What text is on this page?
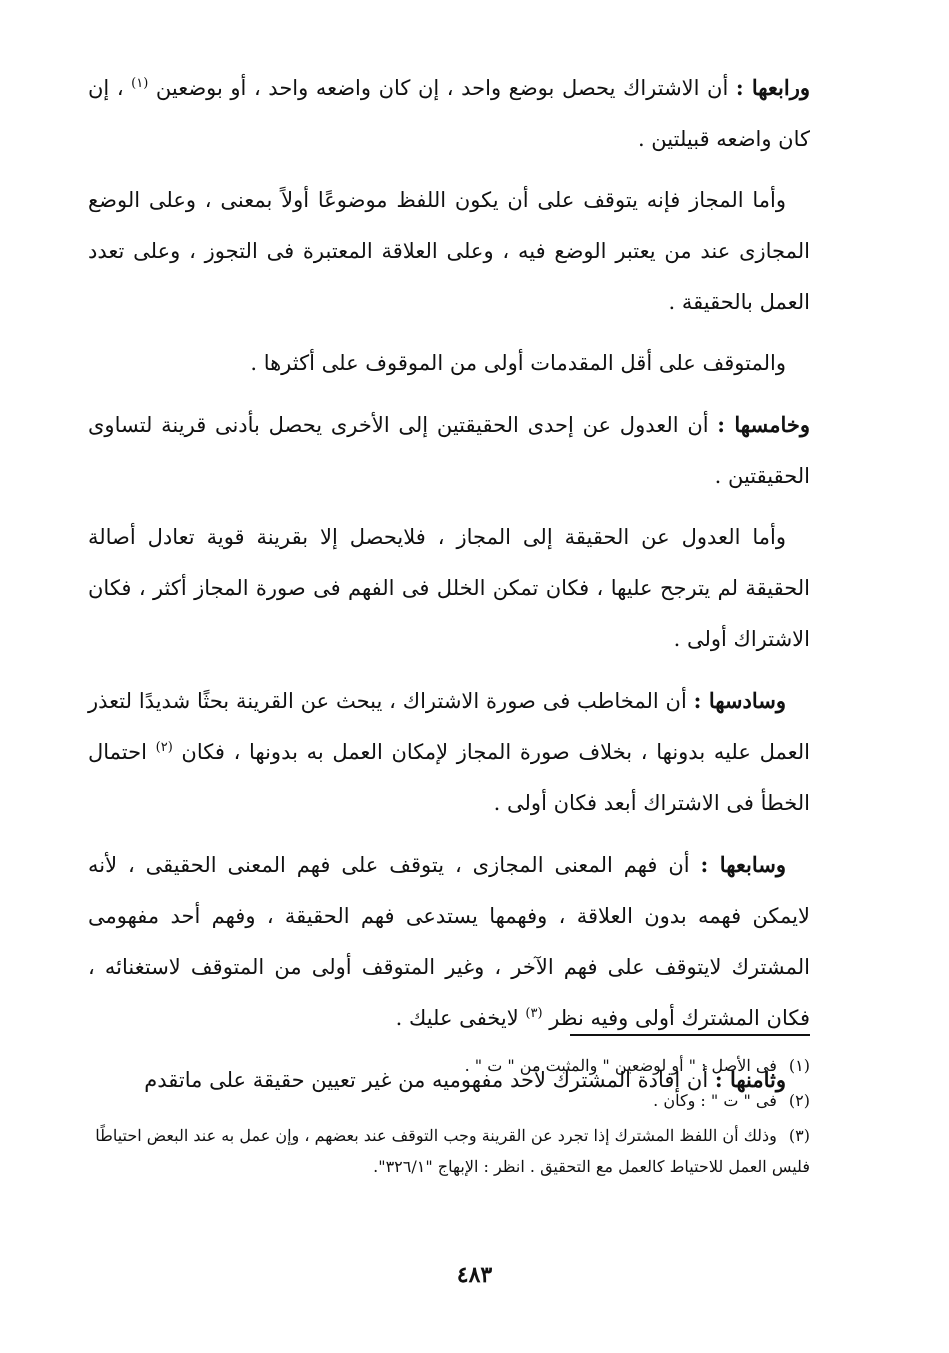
ورابعها : أن الاشتراك يحصل بوضع واحد ، إن كان واضعه واحد ، أو بوضعين $^{(١)}$ ، إن كان واضعه قبيلتين .

وأما المجاز فإنه يتوقف على أن يكون اللفظ موضوعًا أولاً بمعنى ، وعلى الوضع المجازى عند من يعتبر الوضع فيه ، وعلى العلاقة المعتبرة فى التجوز ، وعلى تعدد العمل بالحقيقة .

والمتوقف على أقل المقدمات أولى من الموقوف على أكثرها .

وخامسها : أن العدول عن إحدى الحقيقتين إلى الأخرى يحصل بأدنى قرينة لتساوى الحقيقتين .

وأما العدول عن الحقيقة إلى المجاز ، فلايحصل إلا بقرينة قوية تعادل أصالة الحقيقة لم يترجح عليها ، فكان تمكن الخلل فى الفهم فى صورة المجاز أكثر ، فكان الاشتراك أولى .

وسادسها : أن المخاطب فى صورة الاشتراك ، يبحث عن القرينة بحثًا شديدًا لتعذر العمل عليه بدونها ، بخلاف صورة المجاز لإمكان العمل به بدونها ، فكان $^{(٢)}$ احتمال الخطأ فى الاشتراك أبعد فكان أولى .

وسابعها : أن فهم المعنى المجازى ، يتوقف على فهم المعنى الحقيقى ، لأنه لايمكن فهمه بدون العلاقة ، وفهمها يستدعى فهم الحقيقة ، وفهم أحد مفهومى المشترك لايتوقف على فهم الآخر ، وغير المتوقف أولى من المتوقف لاستغنائه ، فكان المشترك أولى وفيه نظر $^{(٣)}$ لايخفى عليك .

وثامنها : أن إفادة المشترك لأحد مفهوميه من غير تعيين حقيقة على ماتقدم

(١) فى الأصل : " أو لوضعين " والمثبت من " ت " .
(٢) فى " ت " : وكان .
(٣) وذلك أن اللفظ المشترك إذا تجرد عن القرينة وجب التوقف عند بعضهم ، وإن عمل به عند البعض احتياطًا فليس العمل للاحتياط كالعمل مع التحقيق . انظر : الإبهاج "٣٢٦/١".
٤٨٣
